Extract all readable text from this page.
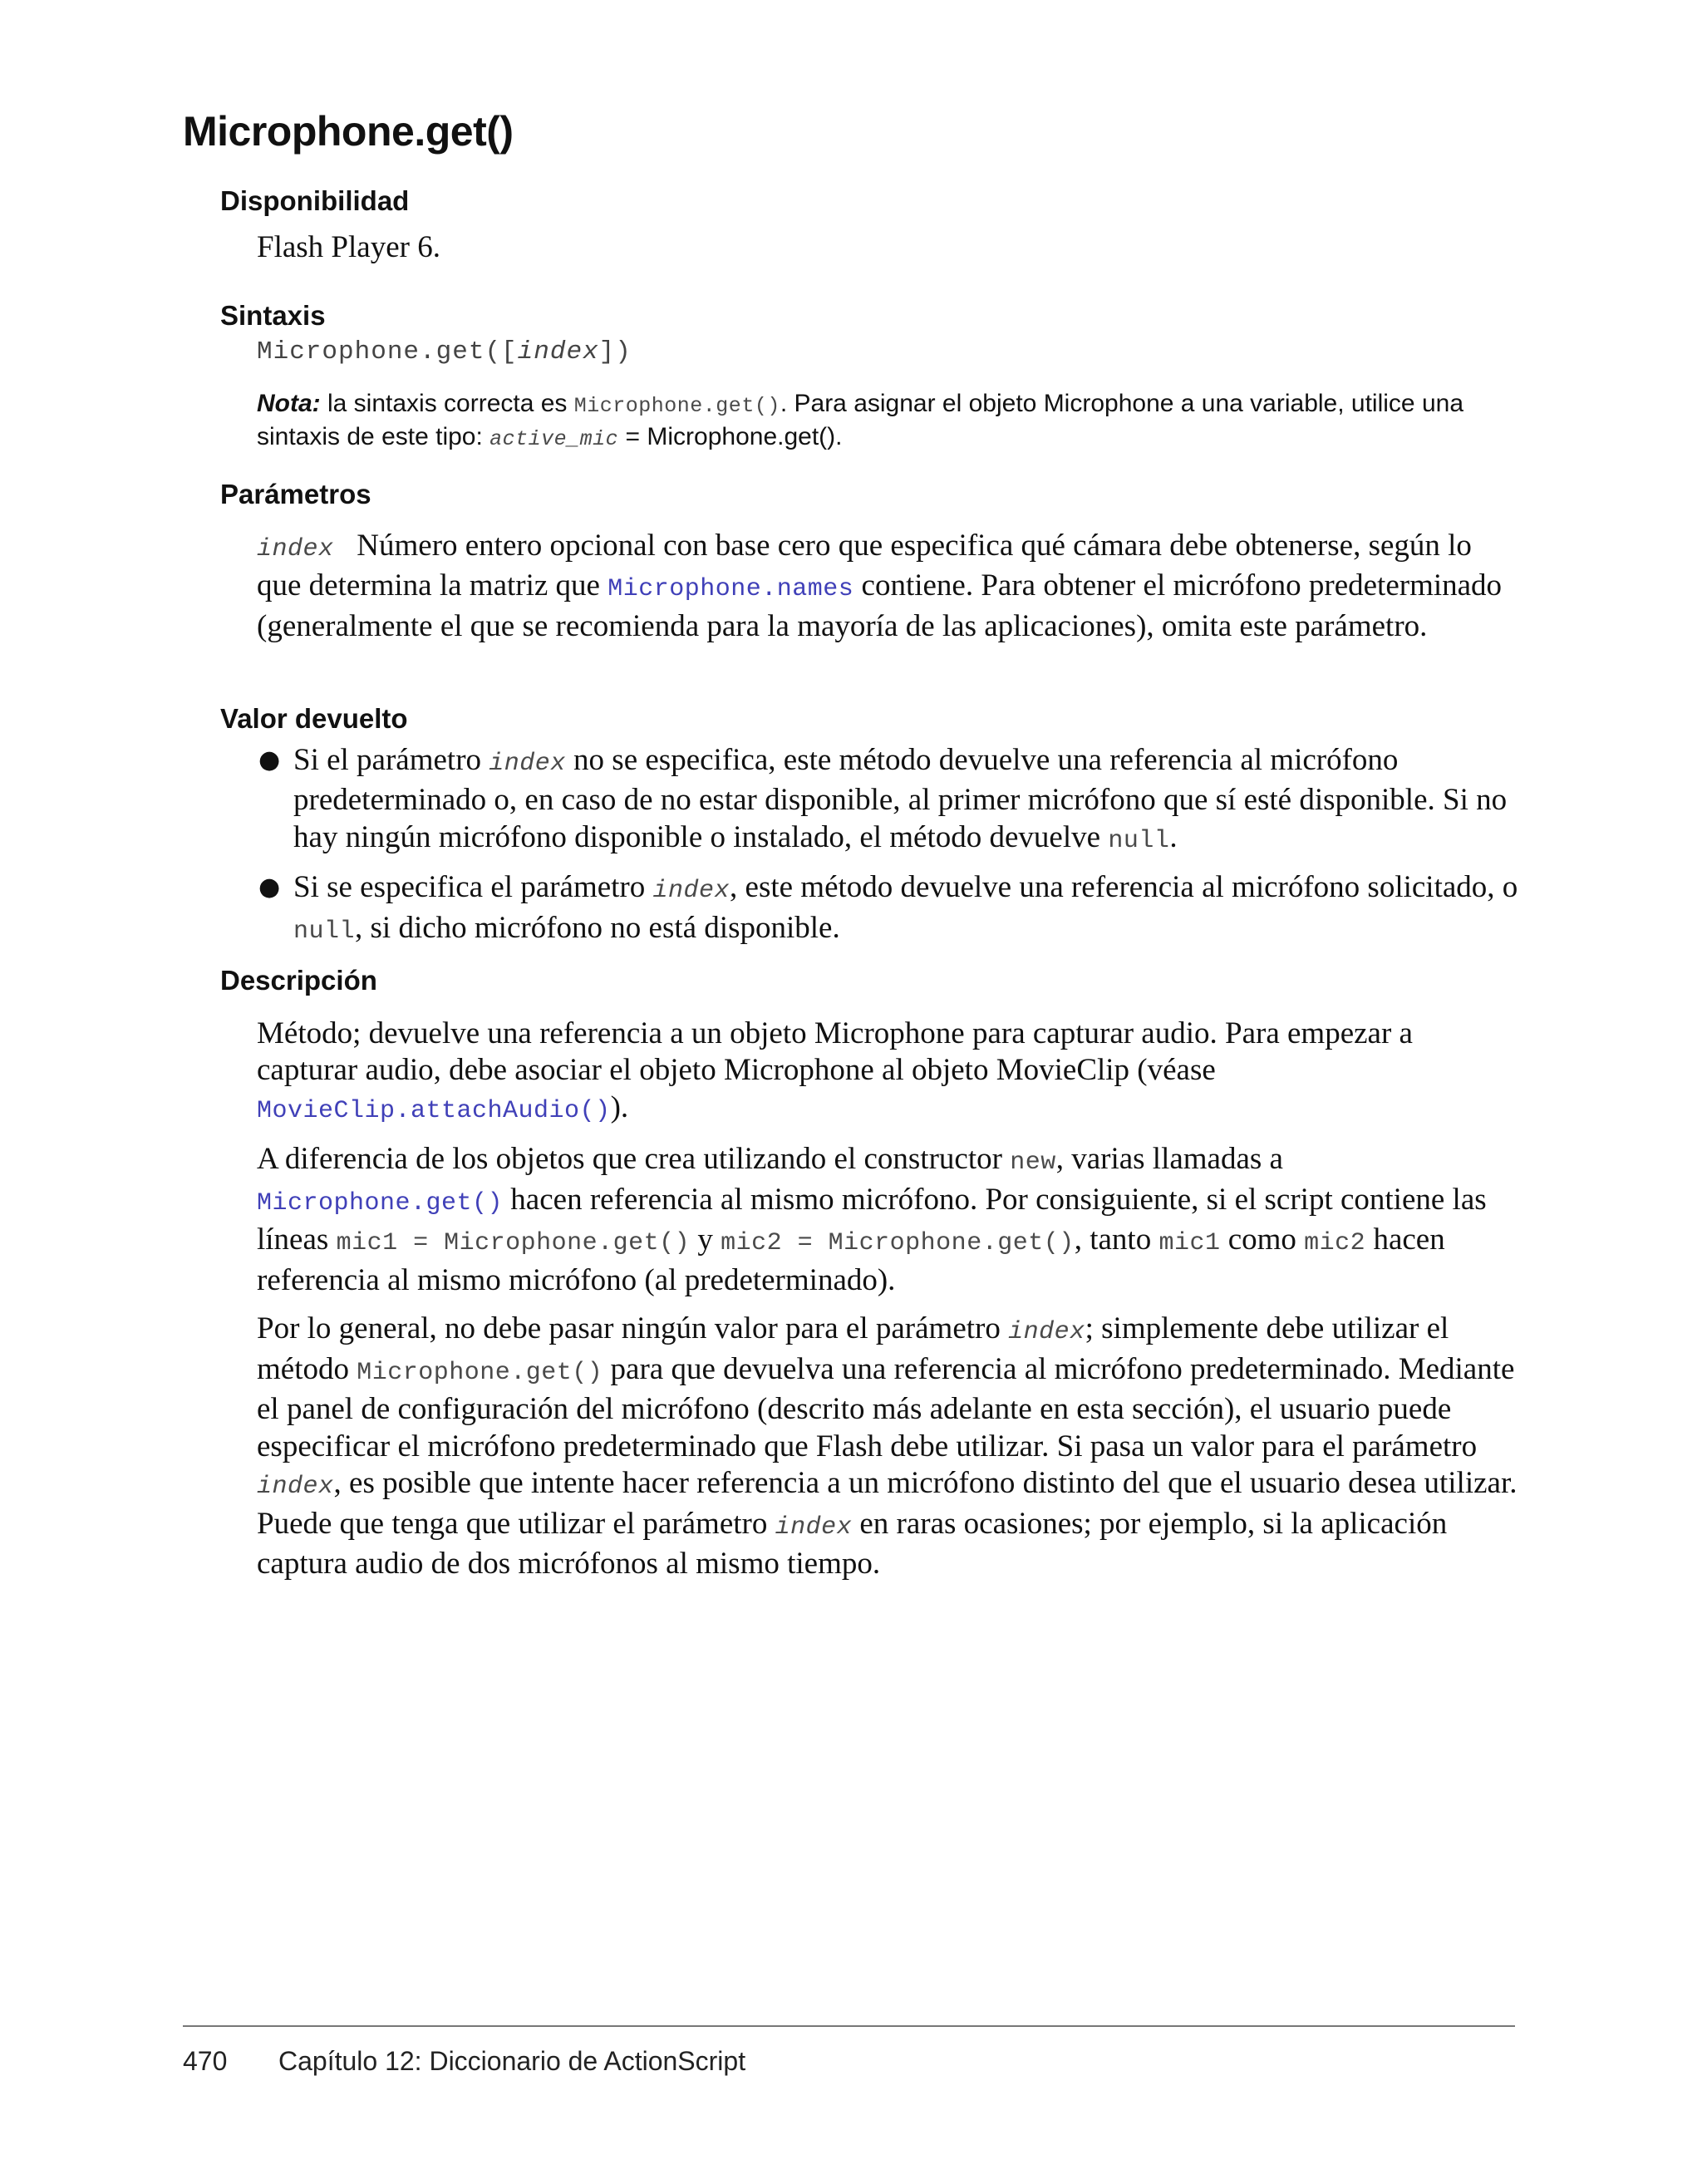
Microphone.get()
Disponibilidad

Flash Player 6.

Sintaxis
Microphone.get([index])

Nota: la sintaxis correcta es Microphone.get(). Para asignar el objeto Microphone a una variable, utilice una sintaxis de este tipo: active_mic = Microphone.get().

Parámetros

index   Número entero opcional con base cero que especifica qué cámara debe obtenerse, según lo que determina la matriz que Microphone.names contiene. Para obtener el micrófono predeterminado (generalmente el que se recomienda para la mayoría de las aplicaciones), omita este parámetro.

Valor devuelto
● Si el parámetro index no se especifica, este método devuelve una referencia al micrófono predeterminado o, en caso de no estar disponible, al primer micrófono que sí esté disponible. Si no hay ningún micrófono disponible o instalado, el método devuelve null.
● Si se especifica el parámetro index, este método devuelve una referencia al micrófono solicitado, o null, si dicho micrófono no está disponible.
Descripción

Método; devuelve una referencia a un objeto Microphone para capturar audio. Para empezar a capturar audio, debe asociar el objeto Microphone al objeto MovieClip (véase MovieClip.attachAudio()).

A diferencia de los objetos que crea utilizando el constructor new, varias llamadas a Microphone.get() hacen referencia al mismo micrófono. Por consiguiente, si el script contiene las líneas mic1 = Microphone.get() y mic2 = Microphone.get(), tanto mic1 como mic2 hacen referencia al mismo micrófono (al predeterminado).

Por lo general, no debe pasar ningún valor para el parámetro index; simplemente debe utilizar el método Microphone.get() para que devuelva una referencia al micrófono predeterminado. Mediante el panel de configuración del micrófono (descrito más adelante en esta sección), el usuario puede especificar el micrófono predeterminado que Flash debe utilizar. Si pasa un valor para el parámetro index, es posible que intente hacer referencia a un micrófono distinto del que el usuario desea utilizar. Puede que tenga que utilizar el parámetro index en raras ocasiones; por ejemplo, si la aplicación captura audio de dos micrófonos al mismo tiempo.

470 Capítulo 12: Diccionario de ActionScript
